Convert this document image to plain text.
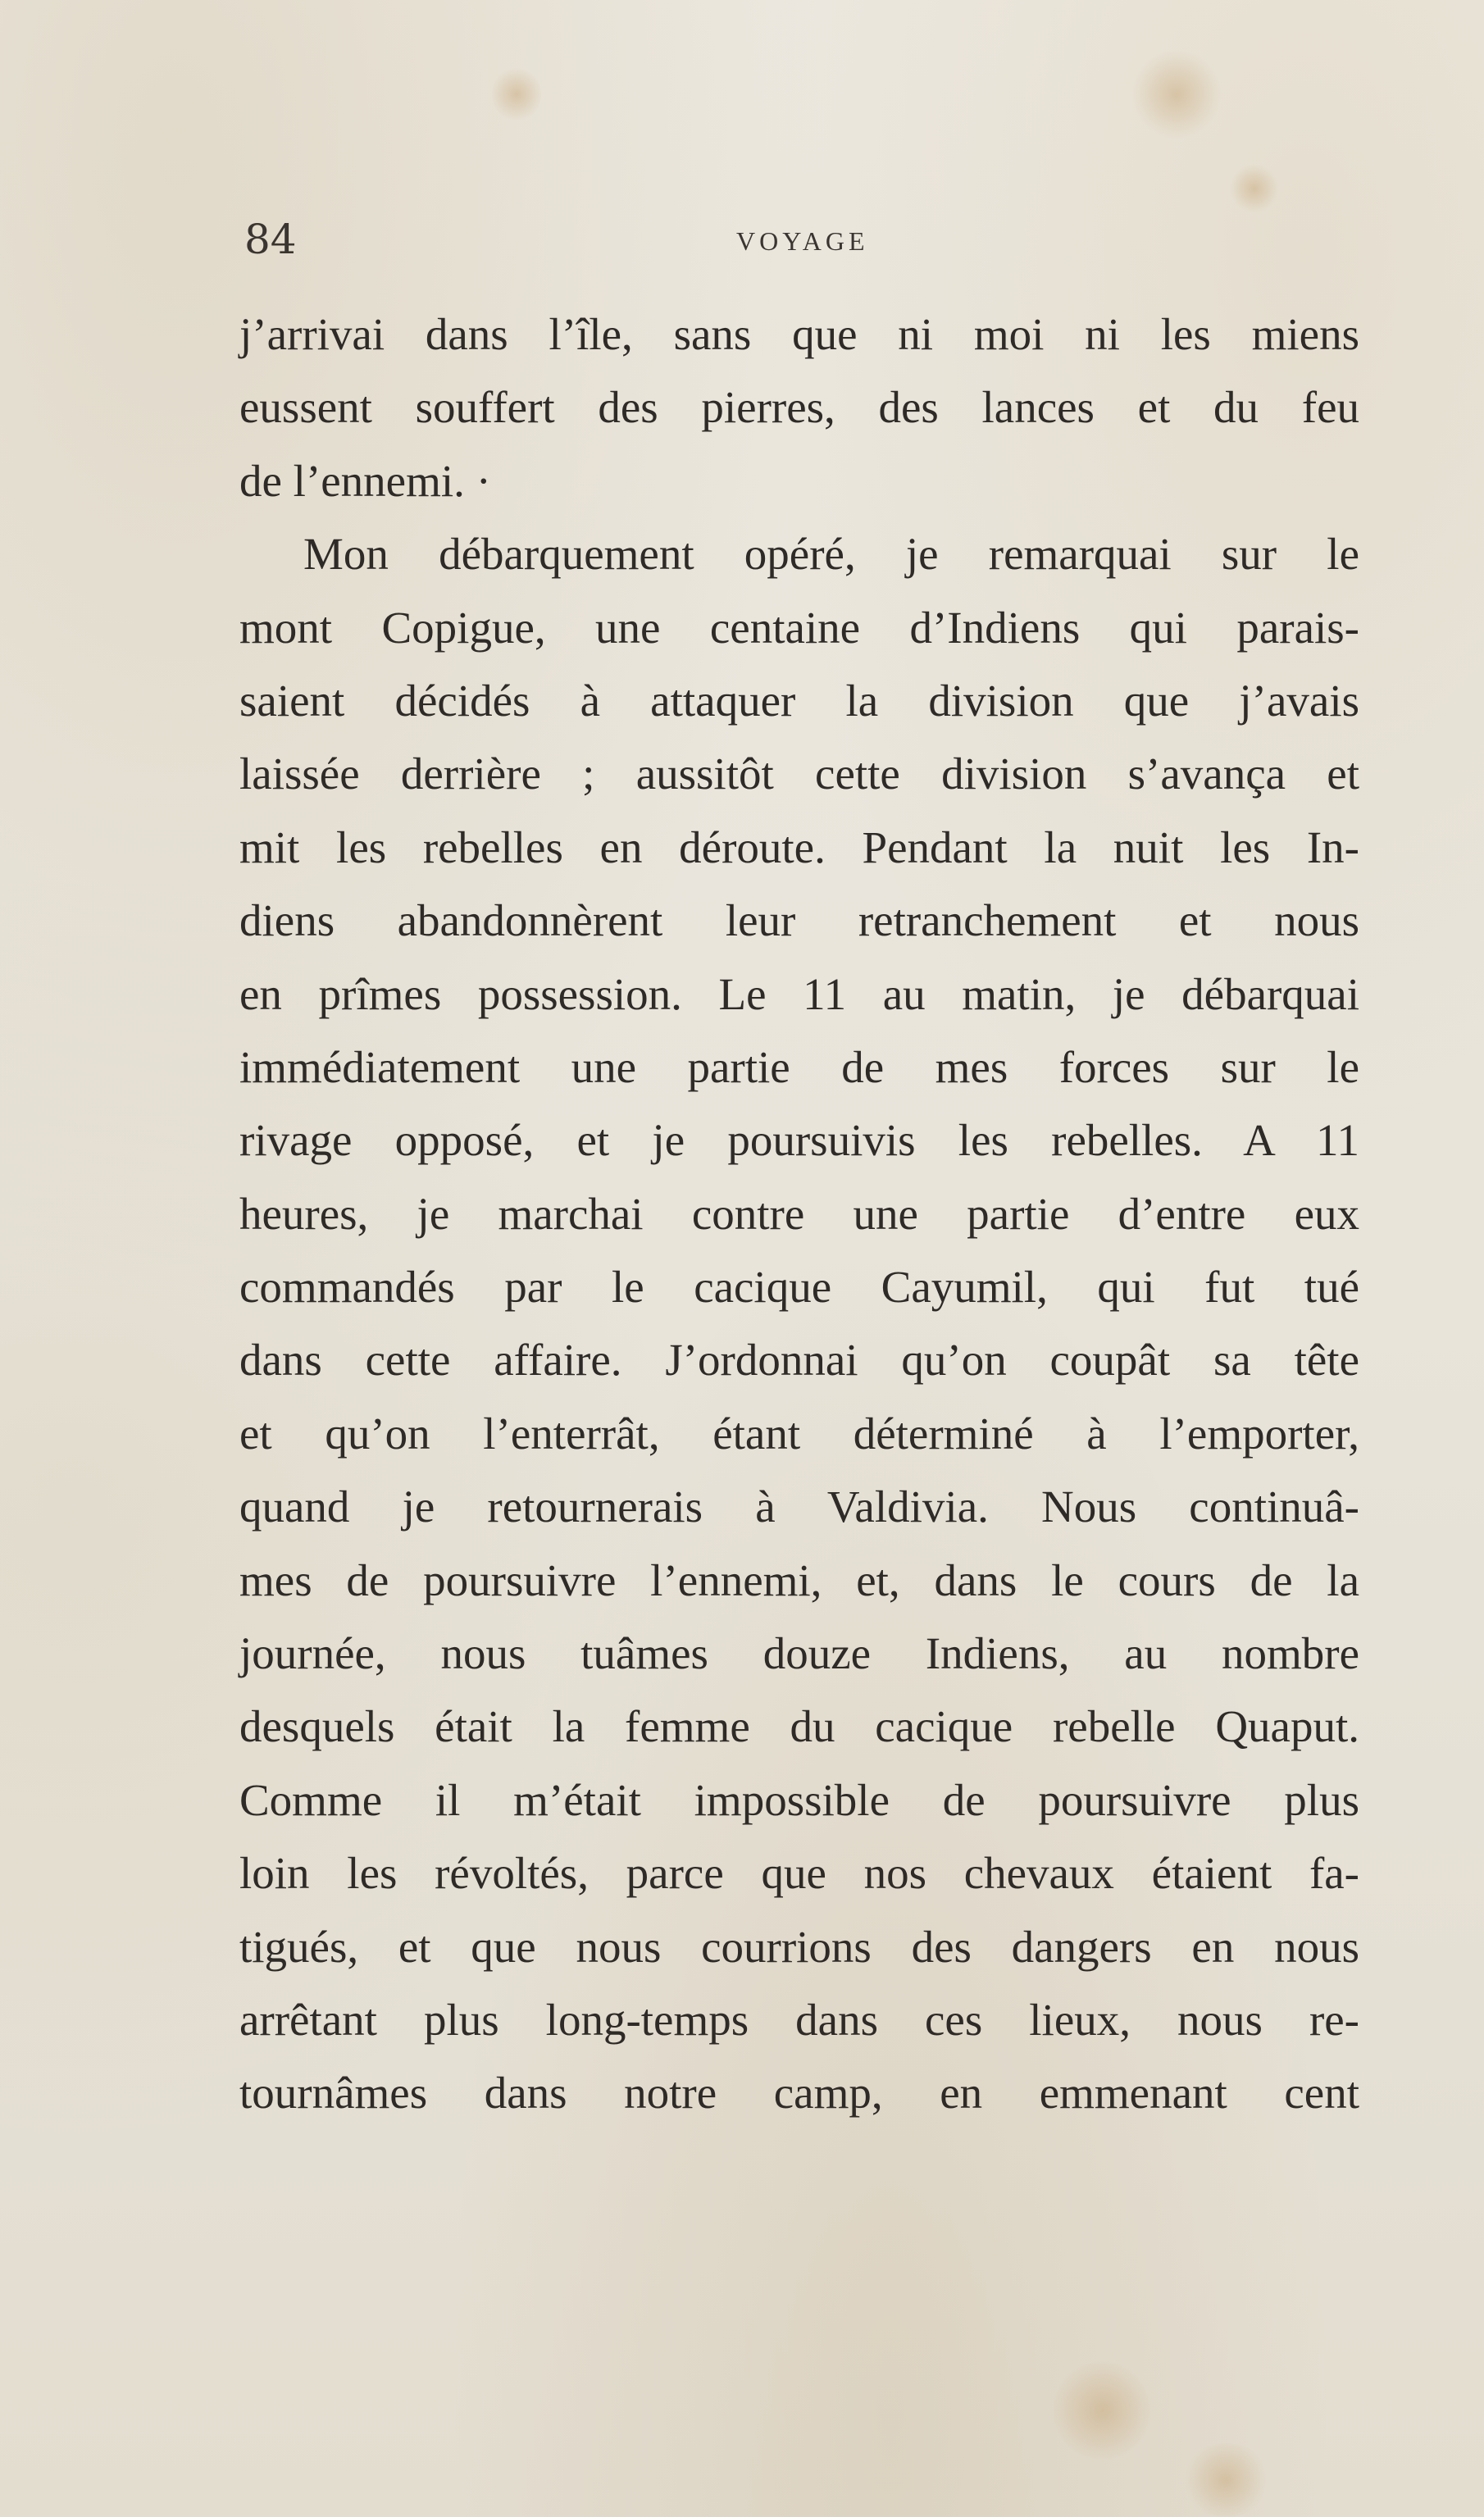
84	VOYAGE
j’arrivai dans l’île, sans que ni moi ni les miens
eussent souffert des pierres, des lances et du feu
de l’ennemi. ·
Mon débarquement opéré, je remarquai sur le
mont Copigue, une centaine d’Indiens qui parais-
saient décidés à attaquer la division que j’avais
laissée derrière ; aussitôt cette division s’avança et
mit les rebelles en déroute. Pendant la nuit les In-
diens abandonnèrent leur retranchement et nous
en prîmes possession. Le 11 au matin, je débarquai
immédiatement une partie de mes forces sur le
rivage opposé, et je poursuivis les rebelles. A 11
heures, je marchai contre une partie d’entre eux
commandés par le cacique Cayumil, qui fut tué
dans cette affaire. J’ordonnai qu’on coupât sa tête
et qu’on l’enterrât, étant déterminé à l’emporter,
quand je retournerais à Valdivia. Nous continuâ-
mes de poursuivre l’ennemi, et, dans le cours de la
journée, nous tuâmes douze Indiens, au nombre
desquels était la femme du cacique rebelle Quaput.
Comme il m’était impossible de poursuivre plus
loin les révoltés, parce que nos chevaux étaient fa-
tigués, et que nous courrions des dangers en nous
arrêtant plus long-temps dans ces lieux, nous re-
tournâmes dans notre camp, en emmenant cent
